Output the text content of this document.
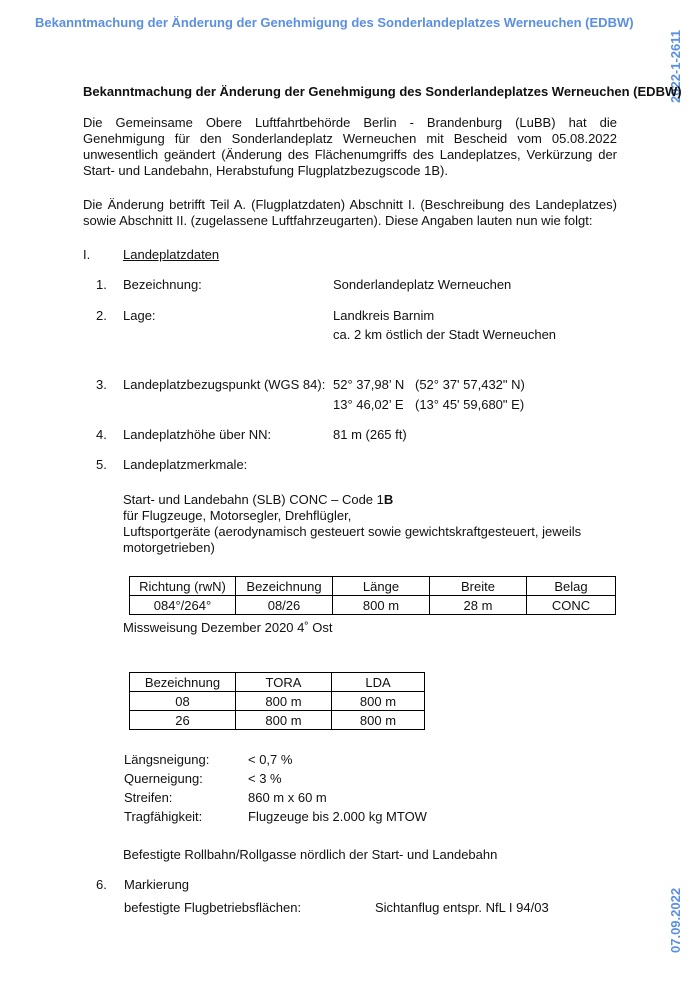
Bekanntmachung der Änderung der Genehmigung des Sonderlandeplatzes Werneuchen (EDBW)
2022-1-2611
07.09.2022
Bekanntmachung der Änderung der Genehmigung des Sonderlandeplatzes Werneuchen (EDBW)
Die Gemeinsame Obere Luftfahrtbehörde Berlin - Brandenburg (LuBB) hat die Genehmigung für den Sonderlandeplatz Werneuchen mit Bescheid vom 05.08.2022 unwesentlich geändert (Änderung des Flächenumgriffs des Landeplatzes, Verkürzung der Start- und Landebahn, Herabstufung Flugplatzbezugscode 1B).
Die Änderung betrifft Teil A. (Flugplatzdaten) Abschnitt I. (Beschreibung des Landeplatzes) sowie Abschnitt II. (zugelassene Luftfahrzeugarten). Diese Angaben lauten nun wie folgt:
I.	Landeplatzdaten
1. Bezeichnung:	Sonderlandeplatz Werneuchen
2. Lage:	Landkreis Barnim
ca. 2 km östlich der Stadt Werneuchen
3. Landeplatzbezugspunkt (WGS 84): 52° 37,98’ N (52° 37' 57,432" N)
13° 46,02’ E (13° 45' 59,680" E)
4. Landeplatzhöhe über NN:	81 m (265 ft)
5. Landeplatzmerkmale:
Start- und Landebahn (SLB) CONC – Code 1B
für Flugzeuge, Motorsegler, Drehflügler,
Luftsportgeräte (aerodynamisch gesteuert sowie gewichtskraftgesteuert, jeweils
motorgetrieben)
Richtung (rwN)	Bezeichnung	Länge	Breite	Belag
084°/264°	08/26	800 m	28 m	CONC
Missweisung Dezember 2020 4˚ Ost
Bezeichnung	TORA	LDA
08	800 m	800 m
26	800 m	800 m
Längsneigung:	< 0,7 %
Querneigung:	< 3 %
Streifen:	860 m x 60 m
Tragfähigkeit:	Flugzeuge bis 2.000 kg MTOW
Befestigte Rollbahn/Rollgasse nördlich der Start- und Landebahn
6. Markierung
befestigte Flugbetriebsflächen:	Sichtanflug entspr. NfL I 94/03
